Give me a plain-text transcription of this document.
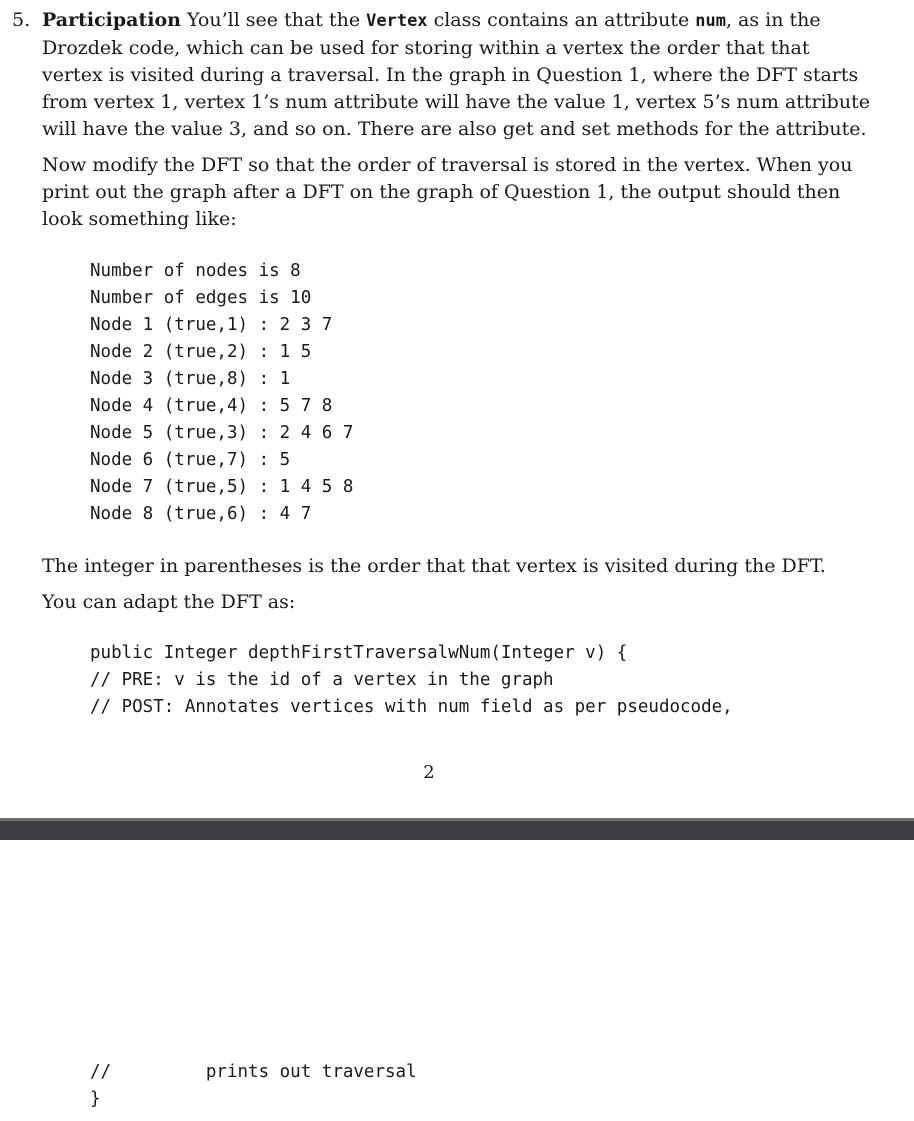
5. Participation You’ll see that the Vertex class contains an attribute num, as in the

Drozdek code, which can be used for storing within a vertex the order that that vertex is visited during a traversal. In the graph in Question 1, where the DFT starts from vertex 1, vertex 1’s num attribute will have the value 1, vertex 5’s num attribute will have the value 3, and so on. There are also get and set methods for the attribute.

Now modify the DFT so that the order of traversal is stored in the vertex. When you print out the graph after a DFT on the graph of Question 1, the output should then look something like:

Number of nodes is 8
Number of edges is 10
Node 1 (true,1) : 2 3 7
Node 2 (true,2) : 1 5
Node 3 (true,8) : 1
Node 4 (true,4) : 5 7 8
Node 5 (true,3) : 2 4 6 7
Node 6 (true,7) : 5
Node 7 (true,5) : 1 4 5 8
Node 8 (true,6) : 4 7

The integer in parentheses is the order that that vertex is visited during the DFT.

You can adapt the DFT as:

public Integer depthFirstTraversalwNum(Integer v) {
// PRE: v is the id of a vertex in the graph
// POST: Annotates vertices with num field as per pseudocode,
2
//         prints out traversal
}
